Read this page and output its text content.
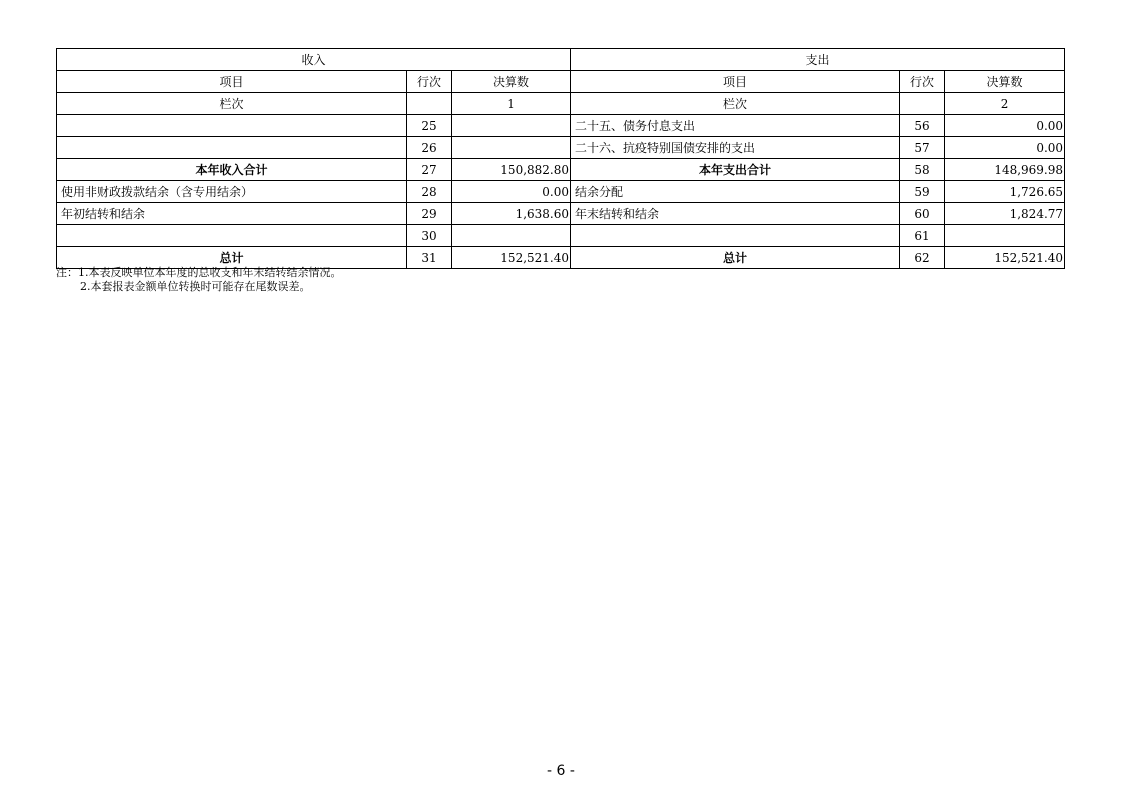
收入			支出		
项目	行次	决算数	项目	行次	决算数
栏次		1	栏次		2
	25		二十五、债务付息支出	56	0.00
	26		二十六、抗疫特别国债安排的支出	57	0.00
本年收入合计	27	150,882.80	本年支出合计	58	148,969.98
使用非财政拨款结余（含专用结余）	28	0.00	结余分配	59	1,726.65
年初结转和结余	29	1,638.60	年末结转和结余	60	1,824.77
	30			61	
总计	31	152,521.40	总计	62	152,521.40
注：1.本表反映单位本年度的总收支和年末结转结余情况。
2.本套报表金额单位转换时可能存在尾数误差。
- 6 -
